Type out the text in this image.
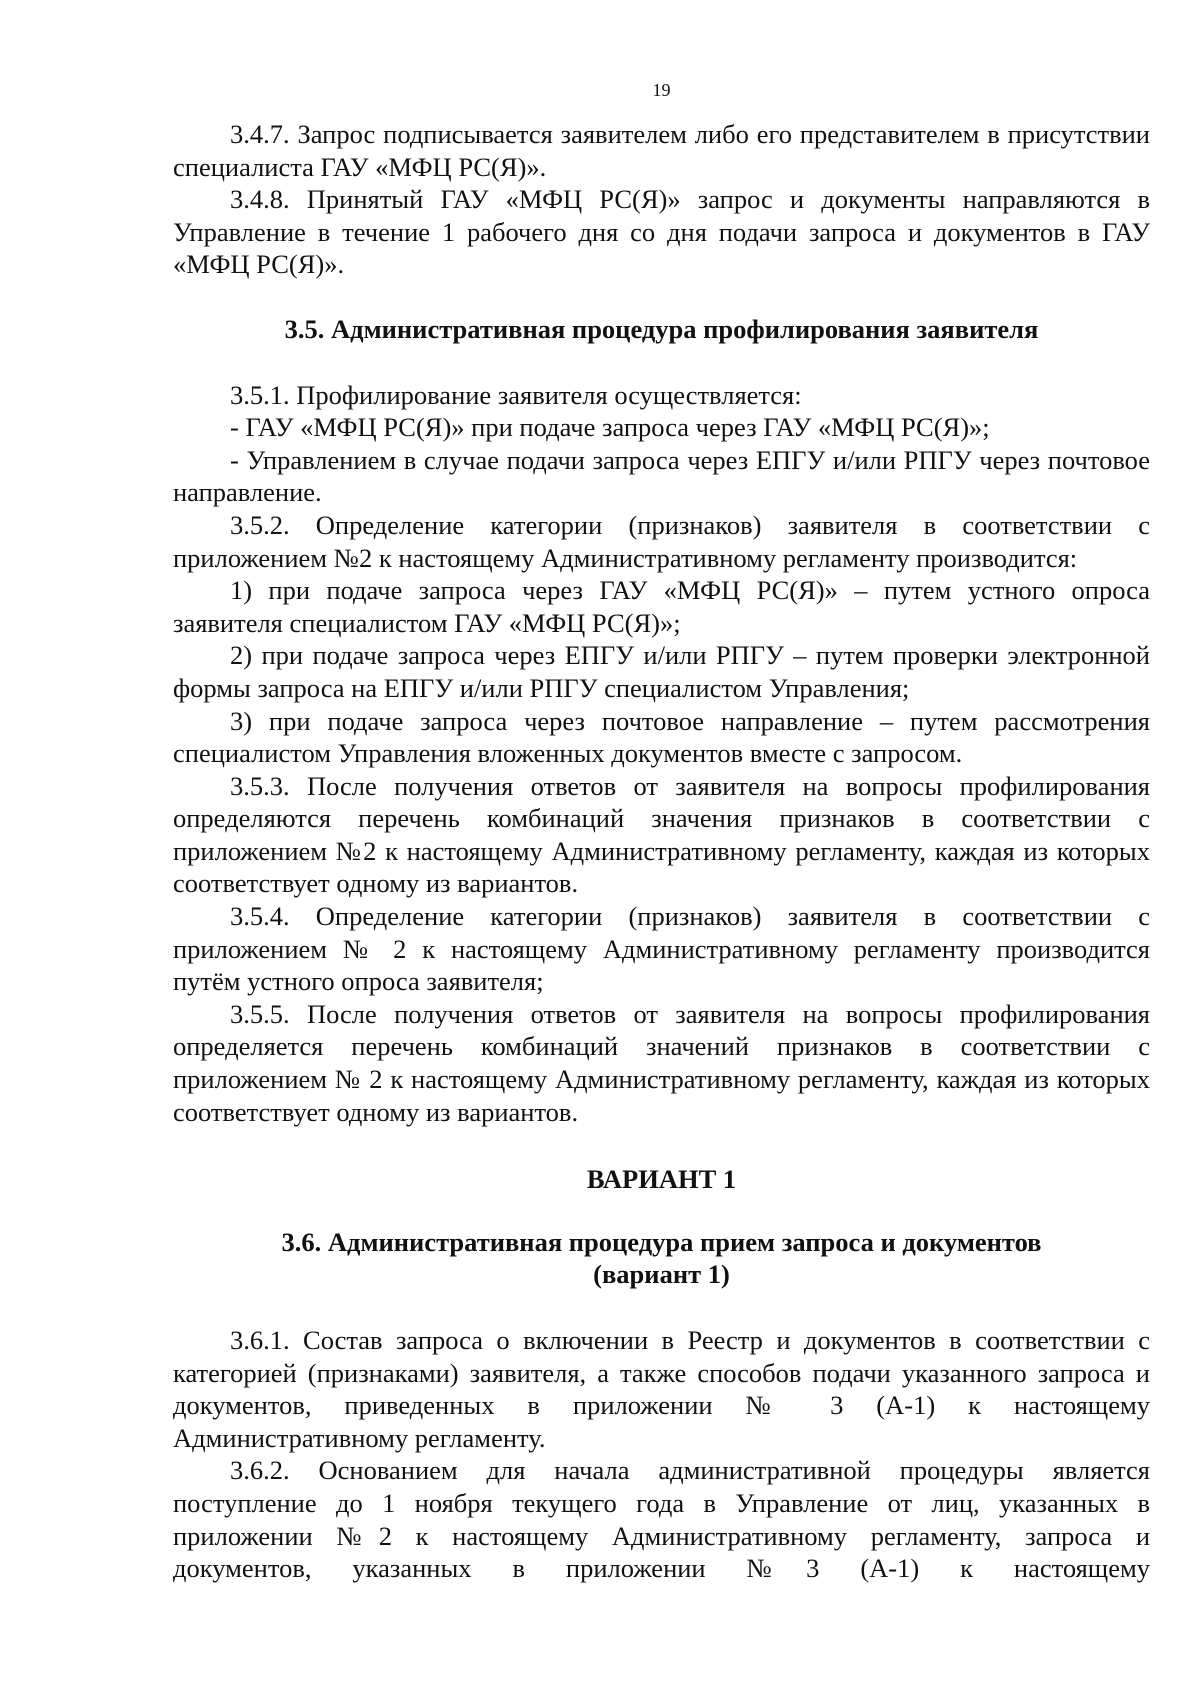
19

3.4.7. Запрос подписывается заявителем либо его представителем в присутствии специалиста ГАУ «МФЦ РС(Я)».

3.4.8. Принятый ГАУ «МФЦ РС(Я)» запрос и документы направляются в Управление в течение 1 рабочего дня со дня подачи запроса и документов в ГАУ «МФЦ РС(Я)».

3.5. Административная процедура профилирования заявителя

3.5.1. Профилирование заявителя осуществляется:

- ГАУ «МФЦ РС(Я)» при подаче запроса через ГАУ «МФЦ РС(Я)»;

- Управлением в случае подачи запроса через ЕПГУ и/или РПГУ через почтовое направление.

3.5.2. Определение категории (признаков) заявителя в соответствии с приложением №2 к настоящему Административному регламенту производится:

1) при подаче запроса через ГАУ «МФЦ РС(Я)» – путем устного опроса заявителя специалистом ГАУ «МФЦ РС(Я)»;

2) при подаче запроса через ЕПГУ и/или РПГУ – путем проверки электронной формы запроса на ЕПГУ и/или РПГУ специалистом Управления;

3) при подаче запроса через почтовое направление – путем рассмотрения специалистом Управления вложенных документов вместе с запросом.

3.5.3. После получения ответов от заявителя на вопросы профилирования определяются перечень комбинаций значения признаков в соответствии с приложением №2 к настоящему Административному регламенту, каждая из которых соответствует одному из вариантов.

3.5.4. Определение категории (признаков) заявителя в соответствии с приложением № 2 к настоящему Административному регламенту производится путём устного опроса заявителя;

3.5.5. После получения ответов от заявителя на вопросы профилирования определяется перечень комбинаций значений признаков в соответствии с приложением № 2 к настоящему Административному регламенту, каждая из которых соответствует одному из вариантов.

ВАРИАНТ 1

3.6. Административная процедура прием запроса и документов

(вариант 1)

3.6.1. Состав запроса о включении в Реестр и документов в соответствии с категорией (признаками) заявителя, а также способов подачи указанного запроса и документов, приведенных в приложении № 3 (А-1) к настоящему Административному регламенту.

3.6.2. Основанием для начала административной процедуры является поступление до 1 ноября текущего года в Управление от лиц, указанных в приложении №2 к настоящему Административному регламенту, запроса и документов, указанных в приложении №3 (А-1) к настоящему
